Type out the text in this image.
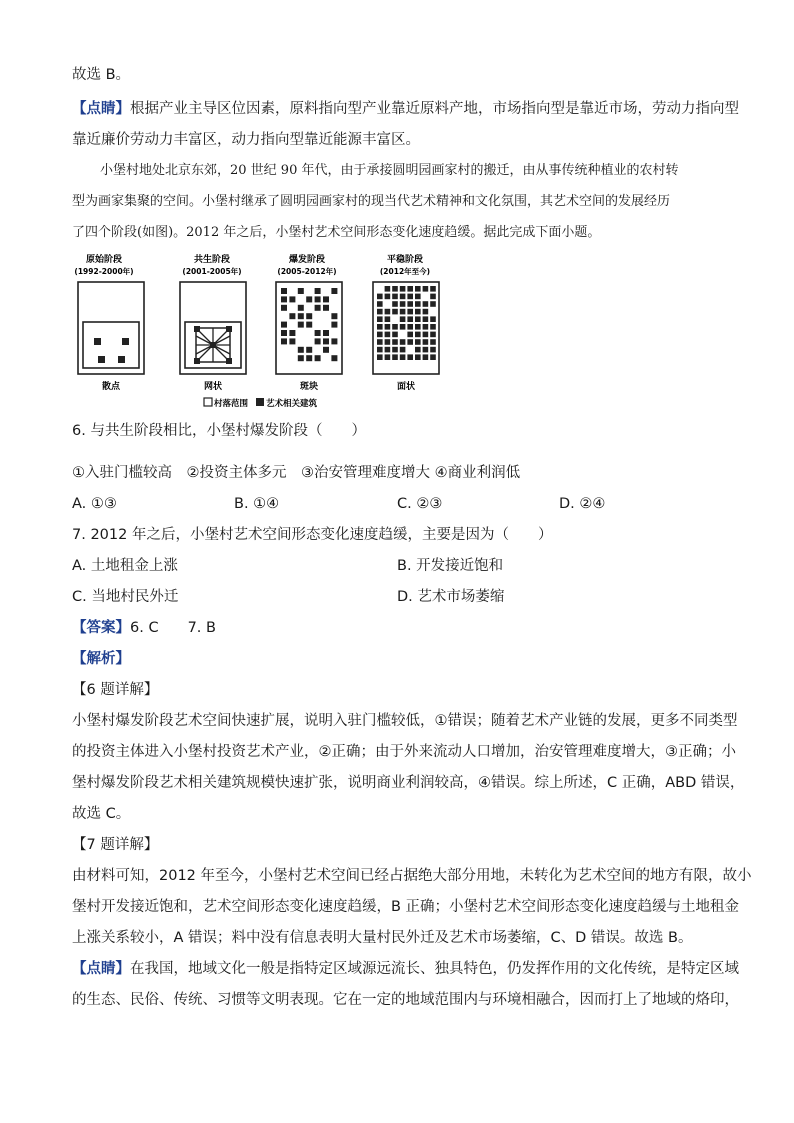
故选 B。
【点睛】根据产业主导区位因素，原料指向型产业靠近原料产地，市场指向型是靠近市场，劳动力指向型
靠近廉价劳动力丰富区，动力指向型靠近能源丰富区。
小堡村地处北京东郊，20 世纪 90 年代，由于承接圆明园画家村的搬迁，由从事传统种植业的农村转
型为画家集聚的空间。小堡村继承了圆明园画家村的现当代艺术精神和文化氛围，其艺术空间的发展经历
了四个阶段(如图)。2012 年之后，小堡村艺术空间形态变化速度趋缓。据此完成下面小题。
原始阶段
(1992-2000年)
散点
共生阶段
(2001-2005年)
网状
爆发阶段
(2005-2012年)
斑块
平稳阶段
(2012年至今)
面状
村落范围 艺术相关建筑
6. 与共生阶段相比，小堡村爆发阶段（　　）
①入驻门槛较高　②投资主体多元　③治安管理难度增大 ④商业利润低
A. ①③	B. ①④	C. ②③	D. ②④
7. 2012 年之后，小堡村艺术空间形态变化速度趋缓，主要是因为（　　）
A. 土地租金上涨	B. 开发接近饱和
C. 当地村民外迁	D. 艺术市场萎缩
【答案】6. C　　7. B
【解析】
【6 题详解】
小堡村爆发阶段艺术空间快速扩展，说明入驻门槛较低，①错误；随着艺术产业链的发展，更多不同类型
的投资主体进入小堡村投资艺术产业，②正确；由于外来流动人口增加，治安管理难度增大，③正确；小
堡村爆发阶段艺术相关建筑规模快速扩张，说明商业利润较高，④错误。综上所述，C 正确，ABD 错误，
故选 C。
【7 题详解】
由材料可知，2012 年至今，小堡村艺术空间已经占据绝大部分用地，未转化为艺术空间的地方有限，故小
堡村开发接近饱和，艺术空间形态变化速度趋缓，B 正确；小堡村艺术空间形态变化速度趋缓与土地租金
上涨关系较小，A 错误；料中没有信息表明大量村民外迁及艺术市场萎缩，C、D 错误。故选 B。
【点睛】在我国，地域文化一般是指特定区域源远流长、独具特色，仍发挥作用的文化传统，是特定区域
的生态、民俗、传统、习惯等文明表现。它在一定的地域范围内与环境相融合，因而打上了地域的烙印，
